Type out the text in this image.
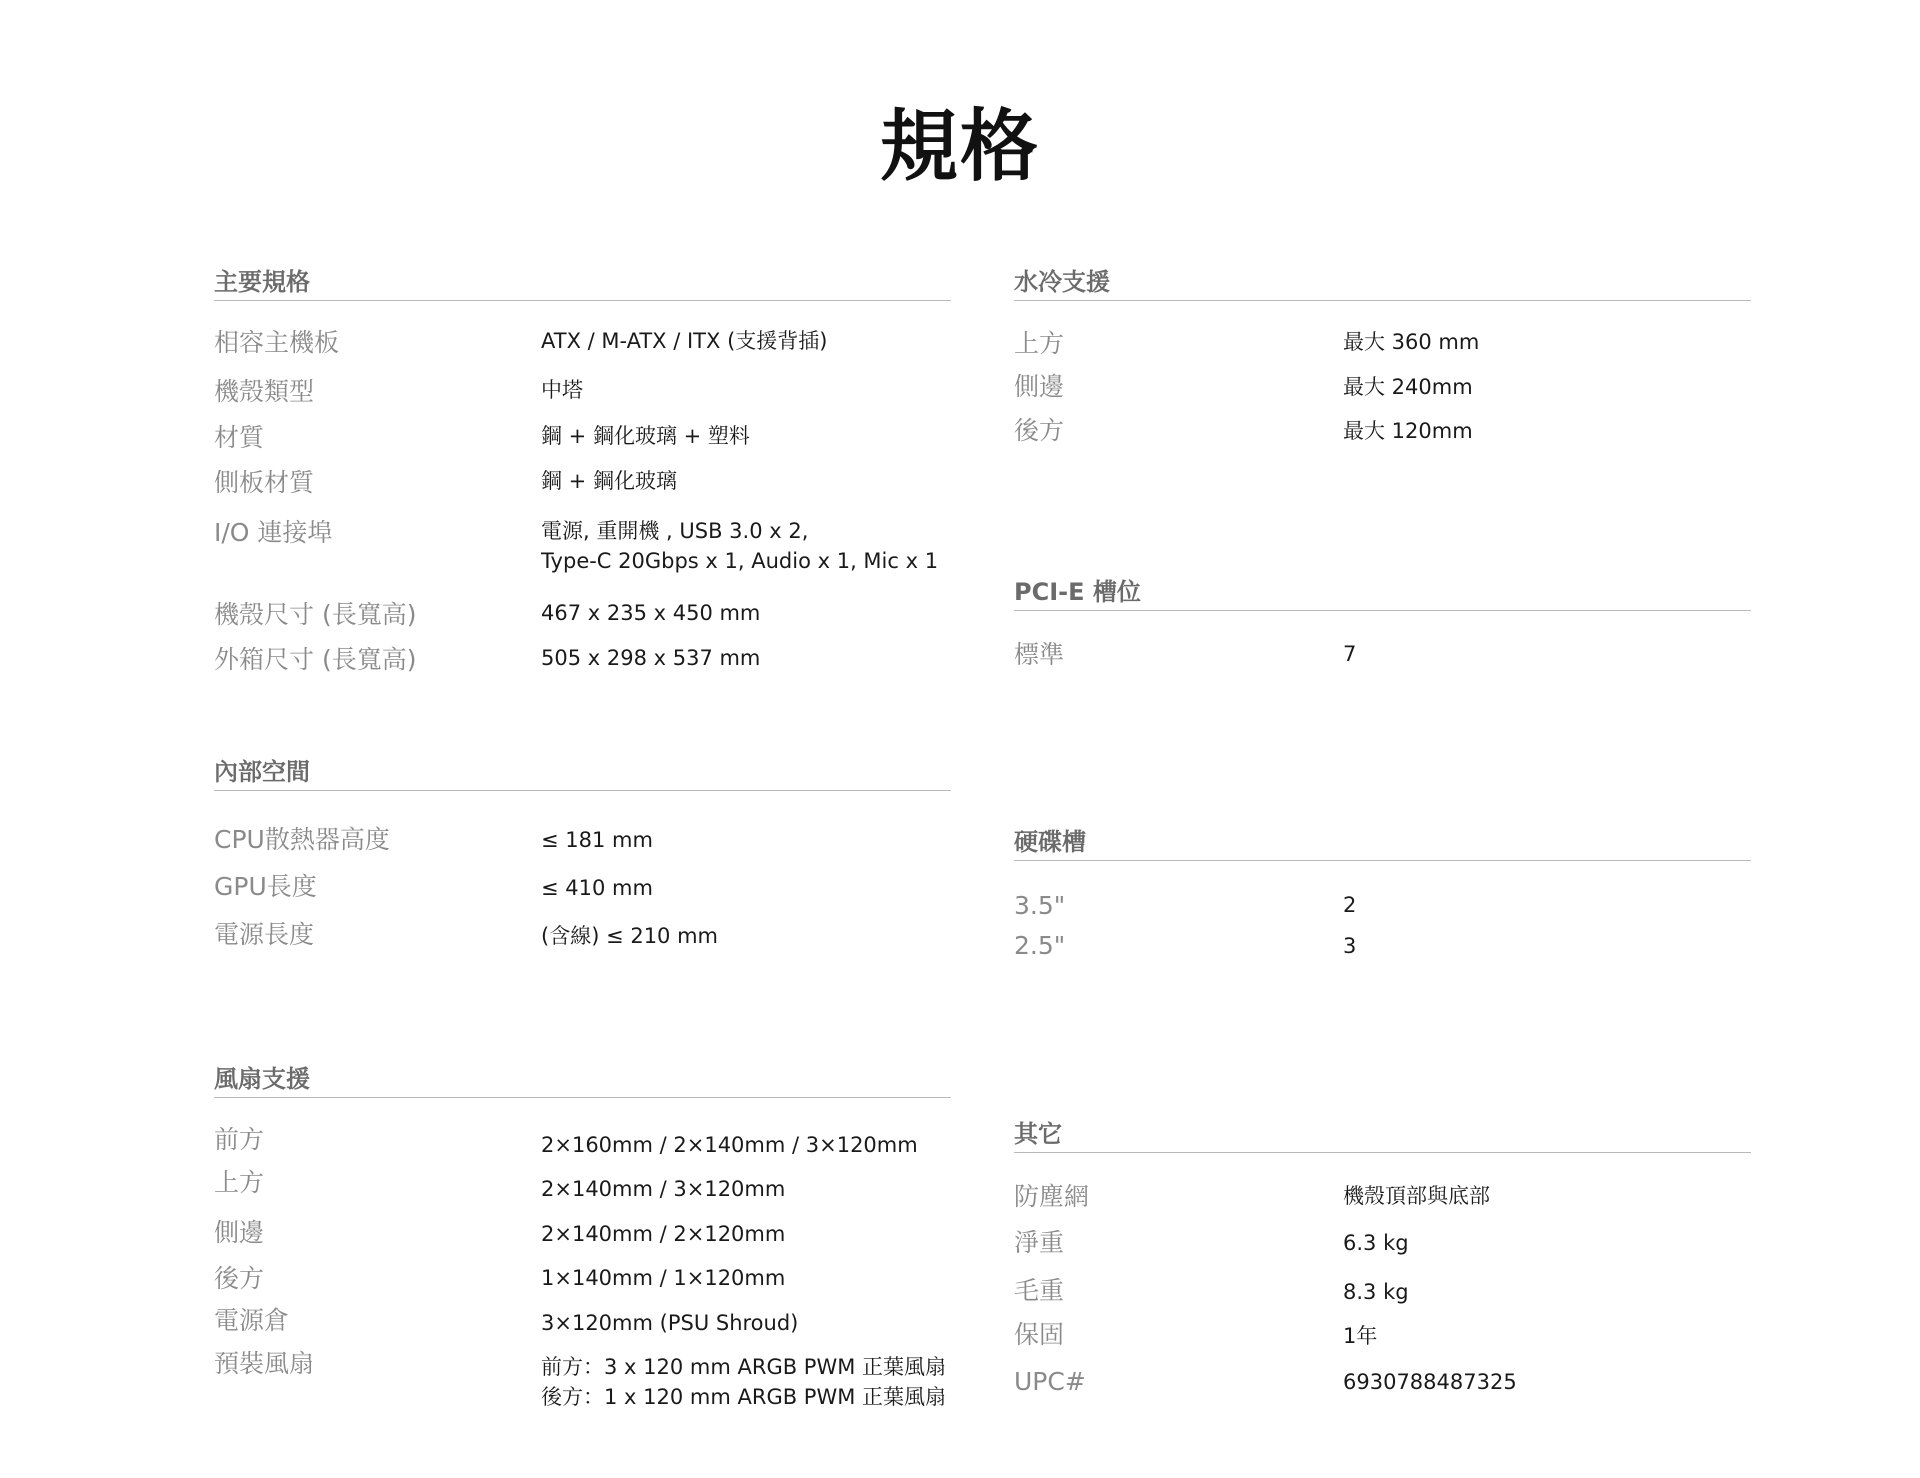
規格
主要規格
相容主機板	ATX / M-ATX / ITX (支援背插)
機殼類型	中塔
材質	鋼 + 鋼化玻璃 + 塑料
側板材質	鋼 + 鋼化玻璃
I/O 連接埠	電源, 重開機 , USB 3.0 x 2,
Type-C 20Gbps x 1, Audio x 1, Mic x 1
機殼尺寸 (長寬高)	467 x 235 x 450 mm
外箱尺寸 (長寬高)	505 x 298 x 537 mm
內部空間
CPU散熱器高度	≤ 181 mm
GPU長度	≤ 410 mm
電源長度	(含線) ≤ 210 mm
風扇支援
前方	2×160mm / 2×140mm / 3×120mm
上方	2×140mm / 3×120mm
側邊	2×140mm / 2×120mm
後方	1×140mm / 1×120mm
電源倉	3×120mm (PSU Shroud)
預裝風扇	前方：3 x 120 mm ARGB PWM 正葉風扇
後方：1 x 120 mm ARGB PWM 正葉風扇
水冷支援
上方	最大 360 mm
側邊	最大 240mm
後方	最大 120mm
PCI-E 槽位
標準	7
硬碟槽
3.5"	2
2.5"	3
其它
防塵網	機殼頂部與底部
淨重	6.3 kg
毛重	8.3 kg
保固	1年
UPC#	6930788487325
